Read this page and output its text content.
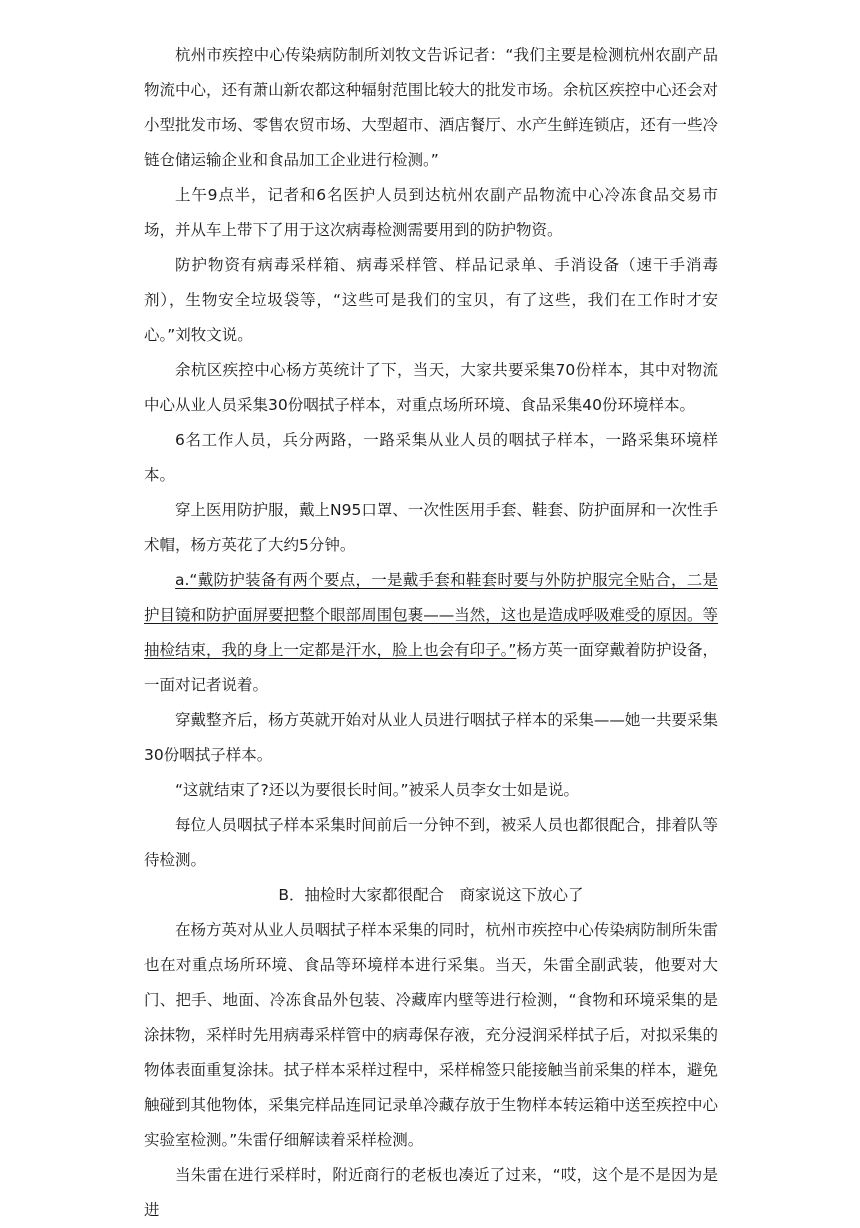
杭州市疾控中心传染病防制所刘牧文告诉记者：“我们主要是检测杭州农副产品物流中心，还有萧山新农都这种辐射范围比较大的批发市场。余杭区疾控中心还会对小型批发市场、零售农贸市场、大型超市、酒店餐厅、水产生鲜连锁店，还有一些冷链仓储运输企业和食品加工企业进行检测。”

上午9点半，记者和6名医护人员到达杭州农副产品物流中心冷冻食品交易市场，并从车上带下了用于这次病毒检测需要用到的防护物资。

防护物资有病毒采样箱、病毒采样管、样品记录单、手消设备（速干手消毒剂），生物安全垃圾袋等，“这些可是我们的宝贝，有了这些，我们在工作时才安心。”刘牧文说。

余杭区疾控中心杨方英统计了下，当天，大家共要采集70份样本，其中对物流中心从业人员采集30份咽拭子样本，对重点场所环境、食品采集40份环境样本。

6名工作人员，兵分两路，一路采集从业人员的咽拭子样本，一路采集环境样本。

穿上医用防护服，戴上N95口罩、一次性医用手套、鞋套、防护面屏和一次性手术帽，杨方英花了大约5分钟。

a.“戴防护装备有两个要点，一是戴手套和鞋套时要与外防护服完全贴合，二是护目镜和防护面屏要把整个眼部周围包裹——当然，这也是造成呼吸难受的原因。等抽检结束，我的身上一定都是汗水，脸上也会有印子。”杨方英一面穿戴着防护设备，一面对记者说着。

穿戴整齐后，杨方英就开始对从业人员进行咽拭子样本的采集——她一共要采集30份咽拭子样本。

“这就结束了?还以为要很长时间。”被采人员李女士如是说。

每位人员咽拭子样本采集时间前后一分钟不到，被采人员也都很配合，排着队等待检测。

B．抽检时大家都很配合　商家说这下放心了

在杨方英对从业人员咽拭子样本采集的同时，杭州市疾控中心传染病防制所朱雷也在对重点场所环境、食品等环境样本进行采集。当天，朱雷全副武装，他要对大门、把手、地面、冷冻食品外包装、冷藏库内壁等进行检测，“食物和环境采集的是涂抹物，采样时先用病毒采样管中的病毒保存液，充分浸润采样拭子后，对拟采集的物体表面重复涂抹。拭子样本采样过程中，采样棉签只能接触当前采集的样本，避免触碰到其他物体，采集完样品连同记录单冷藏存放于生物样本转运箱中送至疾控中心实验室检测。”朱雷仔细解读着采样检测。

当朱雷在进行采样时，附近商行的老板也凑近了过来，“哎，这个是不是因为是进
